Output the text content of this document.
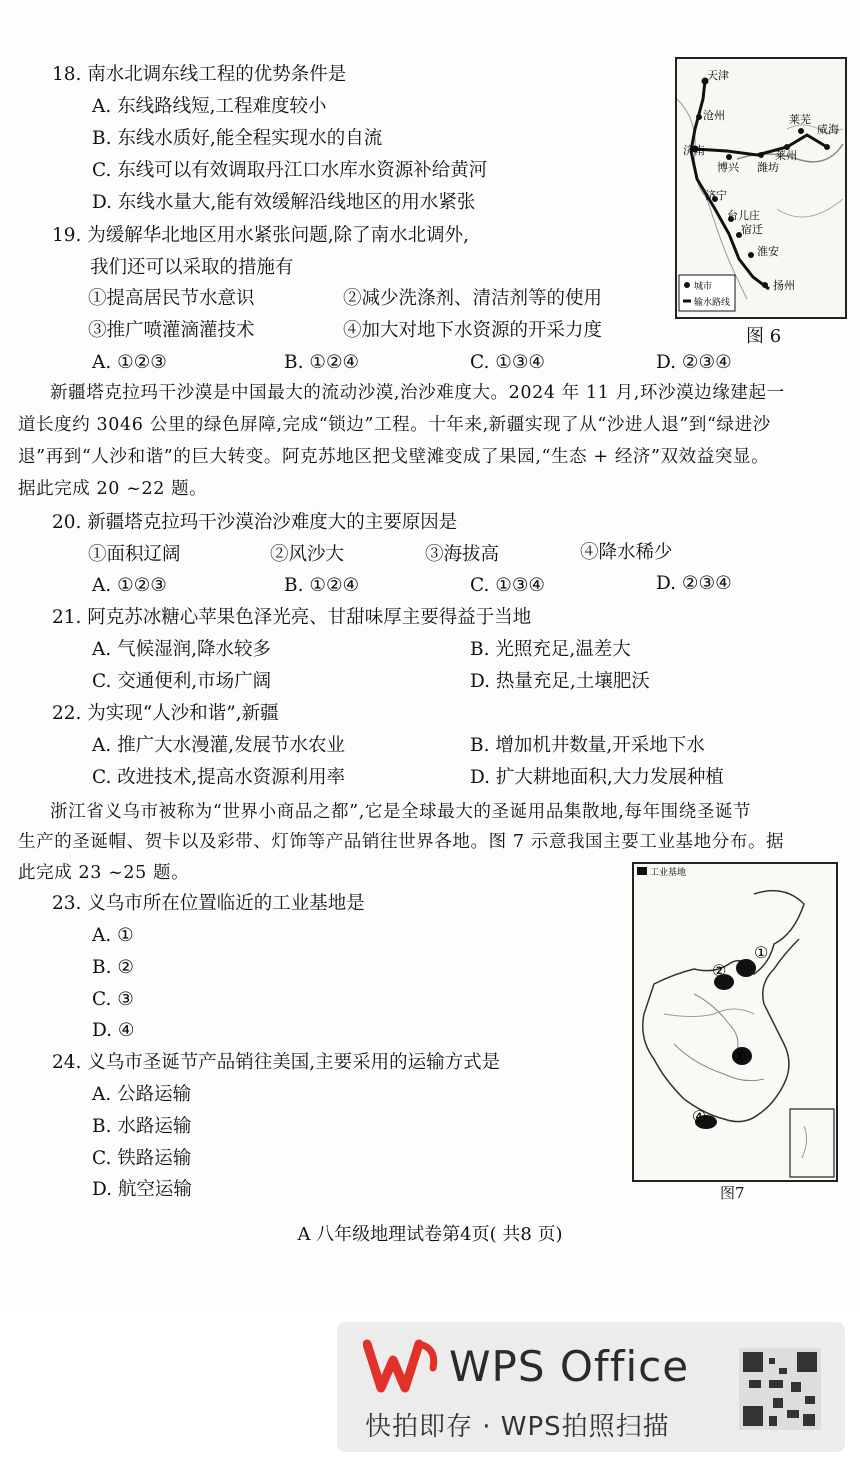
18. 南水北调东线工程的优势条件是
A. 东线路线短,工程难度较小
B. 东线水质好,能全程实现水的自流
C. 东线可以有效调取丹江口水库水资源补给黄河
D. 东线水量大,能有效缓解沿线地区的用水紧张
19. 为缓解华北地区用水紧张问题,除了南水北调外,
我们还可以采取的措施有
①提高居民节水意识	②减少洗涤剂、清洁剂等的使用
③推广喷灌滴灌技术	④加大对地下水资源的开采力度
A. ①②③	B. ①②④	C. ①③④	D. ②③④
天津
沧州	莱芜
威海
济南
博兴
莱州
潍坊
济宁
台儿庄
宿迁
淮安
扬州
城市
输水路线
图 6
新疆塔克拉玛干沙漠是中国最大的流动沙漠,治沙难度大。2024 年 11 月,环沙漠边缘建起一
道长度约 3046 公里的绿色屏障,完成“锁边”工程。十年来,新疆实现了从“沙进人退”到“绿进沙
退”再到“人沙和谐”的巨大转变。阿克苏地区把戈壁滩变成了果园,“生态 + 经济”双效益突显。
据此完成 20 ~22 题。
20. 新疆塔克拉玛干沙漠治沙难度大的主要原因是
①面积辽阔	②风沙大	③海拔高	④降水稀少
A. ①②③	B. ①②④	C. ①③④	D. ②③④
21. 阿克苏冰糖心苹果色泽光亮、甘甜味厚主要得益于当地
A. 气候湿润,降水较多	B. 光照充足,温差大
C. 交通便利,市场广阔	D. 热量充足,土壤肥沃
22. 为实现“人沙和谐”,新疆
A. 推广大水漫灌,发展节水农业	B. 增加机井数量,开采地下水
C. 改进技术,提高水资源利用率	D. 扩大耕地面积,大力发展种植
浙江省义乌市被称为“世界小商品之都”,它是全球最大的圣诞用品集散地,每年围绕圣诞节
生产的圣诞帽、贺卡以及彩带、灯饰等产品销往世界各地。图 7 示意我国主要工业基地分布。据
此完成 23 ~25 题。
23. 义乌市所在位置临近的工业基地是
A. ①
B. ②
C. ③
D. ④
24. 义乌市圣诞节产品销往美国,主要采用的运输方式是
A. 公路运输
B. 水路运输
C. 铁路运输
D. 航空运输
工业基地
①
②
③
④
图7
A 八年级地理试卷第4页( 共8 页)
WPS Office
快拍即存 · WPS拍照扫描
